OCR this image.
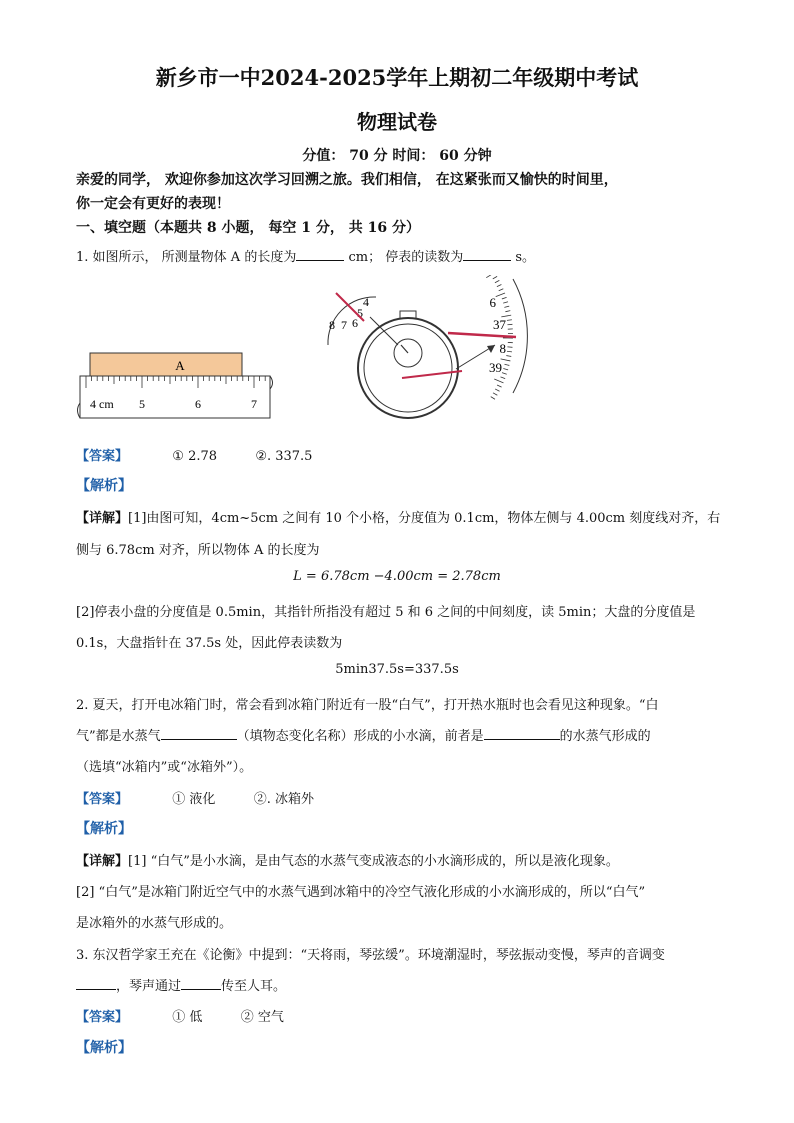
新乡市一中2024-2025学年上期初二年级期中考试
物理试卷
分值： 70 分 时间： 60 分钟
亲爱的同学， 欢迎你参加这次学习回溯之旅。我们相信， 在这紧张而又愉快的时间里，
你一定会有更好的表现！
一、填空题（本题共 8 小题， 每空 1 分， 共 16 分）
1. 如图所示， 所测量物体 A 的长度为	cm； 停表的读数为	s。
A
4 cm 5	6	7
4
5
6
7
8
6
37
8
39
【答案】	① 2.78	②. 337.5
【解析】
【详解】[1]由图可知，4cm~5cm 之间有 10 个小格，分度值为 0.1cm，物体左侧与 4.00cm 刻度线对齐，右
侧与 6.78cm 对齐，所以物体 A 的长度为
L = 6.78cm −4.00cm = 2.78cm
[2]停表小盘的分度值是 0.5min，其指针所指没有超过 5 和 6 之间的中间刻度，读 5min；大盘的分度值是
0.1s，大盘指针在 37.5s 处，因此停表读数为
5min37.5s=337.5s
2. 夏天，打开电冰箱门时，常会看到冰箱门附近有一股“白气”，打开热水瓶时也会看见这种现象。“白
气”都是水蒸气	（填物态变化名称）形成的小水滴，前者是	的水蒸气形成的
（选填“冰箱内”或“冰箱外”）。
【答案】	① 液化	②. 冰箱外
【解析】
【详解】[1] “白气”是小水滴，是由气态的水蒸气变成液态的小水滴形成的，所以是液化现象。
[2] “白气”是冰箱门附近空气中的水蒸气遇到冰箱中的冷空气液化形成的小水滴形成的，所以“白气”
是冰箱外的水蒸气形成的。
3. 东汉哲学家王充在《论衡》中提到：“天将雨，琴弦缓”。环境潮湿时，琴弦振动变慢，琴声的音调变
，琴声通过	传至人耳。
【答案】	① 低	② 空气
【解析】
